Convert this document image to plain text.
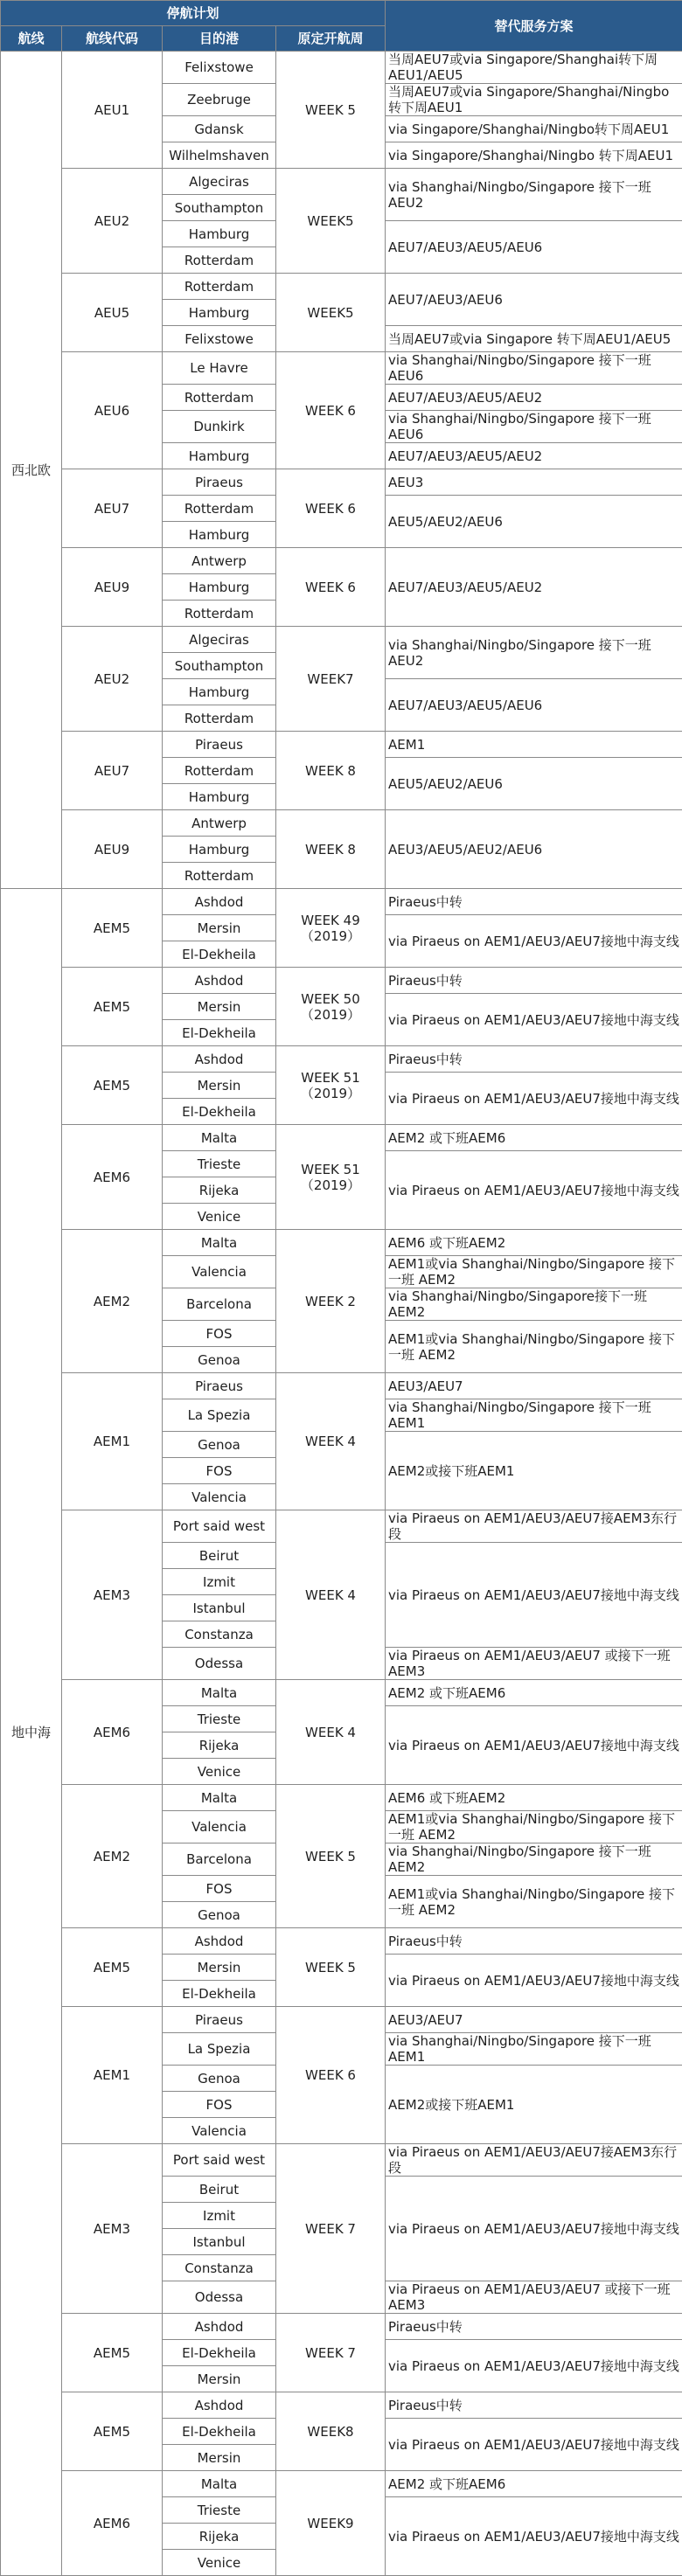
停航计划				替代服务方案
航线	航线代码	目的港	原定开航周	
西北欧	AEU1	Felixstowe	WEEK 5	当周AEU7或via Singapore/Shanghai转下周AEU1/AEU5
		Zeebruge		当周AEU7或via Singapore/Shanghai/Ningbo 转下周AEU1
		Gdansk		via Singapore/Shanghai/Ningbo转下周AEU1
		Wilhelmshaven		via Singapore/Shanghai/Ningbo 转下周AEU1
	AEU2	Algeciras	WEEK5	via Shanghai/Ningbo/Singapore 接下一班AEU2
		Southampton		
		Hamburg		AEU7/AEU3/AEU5/AEU6
		Rotterdam		
	AEU5	Rotterdam	WEEK5	AEU7/AEU3/AEU6
		Hamburg		
		Felixstowe		当周AEU7或via Singapore 转下周AEU1/AEU5
	AEU6	Le Havre	WEEK 6	via Shanghai/Ningbo/Singapore 接下一班AEU6
		Rotterdam		AEU7/AEU3/AEU5/AEU2
		Dunkirk		via Shanghai/Ningbo/Singapore 接下一班AEU6
		Hamburg		AEU7/AEU3/AEU5/AEU2
	AEU7	Piraeus	WEEK 6	AEU3
		Rotterdam		AEU5/AEU2/AEU6
		Hamburg		
	AEU9	Antwerp	WEEK 6	AEU7/AEU3/AEU5/AEU2
		Hamburg		
		Rotterdam		
	AEU2	Algeciras	WEEK7	via Shanghai/Ningbo/Singapore 接下一班AEU2
		Southampton		
		Hamburg		AEU7/AEU3/AEU5/AEU6
		Rotterdam		
	AEU7	Piraeus	WEEK 8	AEM1
		Rotterdam		AEU5/AEU2/AEU6
		Hamburg		
	AEU9	Antwerp	WEEK 8	AEU3/AEU5/AEU2/AEU6
		Hamburg		
		Rotterdam		
地中海	AEM5	Ashdod	WEEK 49（2019）	Piraeus中转
		Mersin		via Piraeus on AEM1/AEU3/AEU7接地中海支线
		El-Dekheila		
	AEM5	Ashdod	WEEK 50（2019）	Piraeus中转
		Mersin		via Piraeus on AEM1/AEU3/AEU7接地中海支线
		El-Dekheila		
	AEM5	Ashdod	WEEK 51（2019）	Piraeus中转
		Mersin		via Piraeus on AEM1/AEU3/AEU7接地中海支线
		El-Dekheila		
	AEM6	Malta	WEEK 51（2019）	AEM2 或下班AEM6
		Trieste		via Piraeus on AEM1/AEU3/AEU7接地中海支线
		Rijeka		
		Venice		
	AEM2	Malta	WEEK 2	AEM6 或下班AEM2
		Valencia		AEM1或via Shanghai/Ningbo/Singapore 接下一班 AEM2
		Barcelona		via Shanghai/Ningbo/Singapore接下一班AEM2
		FOS		AEM1或via Shanghai/Ningbo/Singapore 接下一班 AEM2
		Genoa		
	AEM1	Piraeus	WEEK 4	AEU3/AEU7
		La Spezia		via Shanghai/Ningbo/Singapore 接下一班AEM1
		Genoa		AEM2或接下班AEM1
		FOS		
		Valencia		
	AEM3	Port said west	WEEK 4	via Piraeus on AEM1/AEU3/AEU7接AEM3东行段
		Beirut		via Piraeus on AEM1/AEU3/AEU7接地中海支线
		Izmit		
		Istanbul		
		Constanza		
		Odessa		via Piraeus on AEM1/AEU3/AEU7 或接下一班AEM3
	AEM6	Malta	WEEK 4	AEM2 或下班AEM6
		Trieste		via Piraeus on AEM1/AEU3/AEU7接地中海支线
		Rijeka		
		Venice		
	AEM2	Malta	WEEK 5	AEM6 或下班AEM2
		Valencia		AEM1或via Shanghai/Ningbo/Singapore 接下一班 AEM2
		Barcelona		via Shanghai/Ningbo/Singapore 接下一班AEM2
		FOS		AEM1或via Shanghai/Ningbo/Singapore 接下一班 AEM2
		Genoa		
	AEM5	Ashdod	WEEK 5	Piraeus中转
		Mersin		via Piraeus on AEM1/AEU3/AEU7接地中海支线
		El-Dekheila		
	AEM1	Piraeus	WEEK 6	AEU3/AEU7
		La Spezia		via Shanghai/Ningbo/Singapore 接下一班AEM1
		Genoa		AEM2或接下班AEM1
		FOS		
		Valencia		
	AEM3	Port said west	WEEK 7	via Piraeus on AEM1/AEU3/AEU7接AEM3东行段
		Beirut		via Piraeus on AEM1/AEU3/AEU7接地中海支线
		Izmit		
		Istanbul		
		Constanza		
		Odessa		via Piraeus on AEM1/AEU3/AEU7 或接下一班AEM3
	AEM5	Ashdod	WEEK 7	Piraeus中转
		El-Dekheila		via Piraeus on AEM1/AEU3/AEU7接地中海支线
		Mersin		
	AEM5	Ashdod	WEEK8	Piraeus中转
		El-Dekheila		via Piraeus on AEM1/AEU3/AEU7接地中海支线
		Mersin		
	AEM6	Malta	WEEK9	AEM2 或下班AEM6
		Trieste		via Piraeus on AEM1/AEU3/AEU7接地中海支线
		Rijeka		
		Venice		
